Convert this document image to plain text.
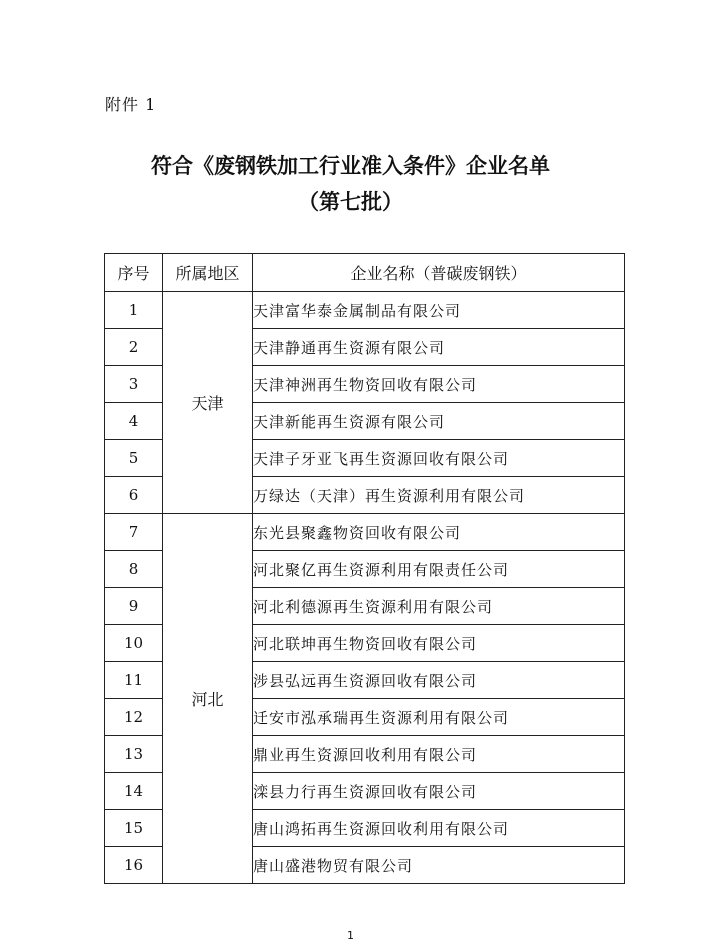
附件 1
符合《废钢铁加工行业准入条件》企业名单
（第七批）
序号	所属地区	企业名称（普碳废钢铁）
1	天津	天津富华泰金属制品有限公司
2		天津静通再生资源有限公司
3		天津神洲再生物资回收有限公司
4		天津新能再生资源有限公司
5		天津子牙亚飞再生资源回收有限公司
6		万绿达（天津）再生资源利用有限公司
7	河北	东光县聚鑫物资回收有限公司
8		河北聚亿再生资源利用有限责任公司
9		河北利德源再生资源利用有限公司
10		河北联坤再生物资回收有限公司
11		涉县弘远再生资源回收有限公司
12		迁安市泓承瑞再生资源利用有限公司
13		鼎业再生资源回收利用有限公司
14		滦县力行再生资源回收有限公司
15		唐山鸿拓再生资源回收利用有限公司
16		唐山盛港物贸有限公司
1
